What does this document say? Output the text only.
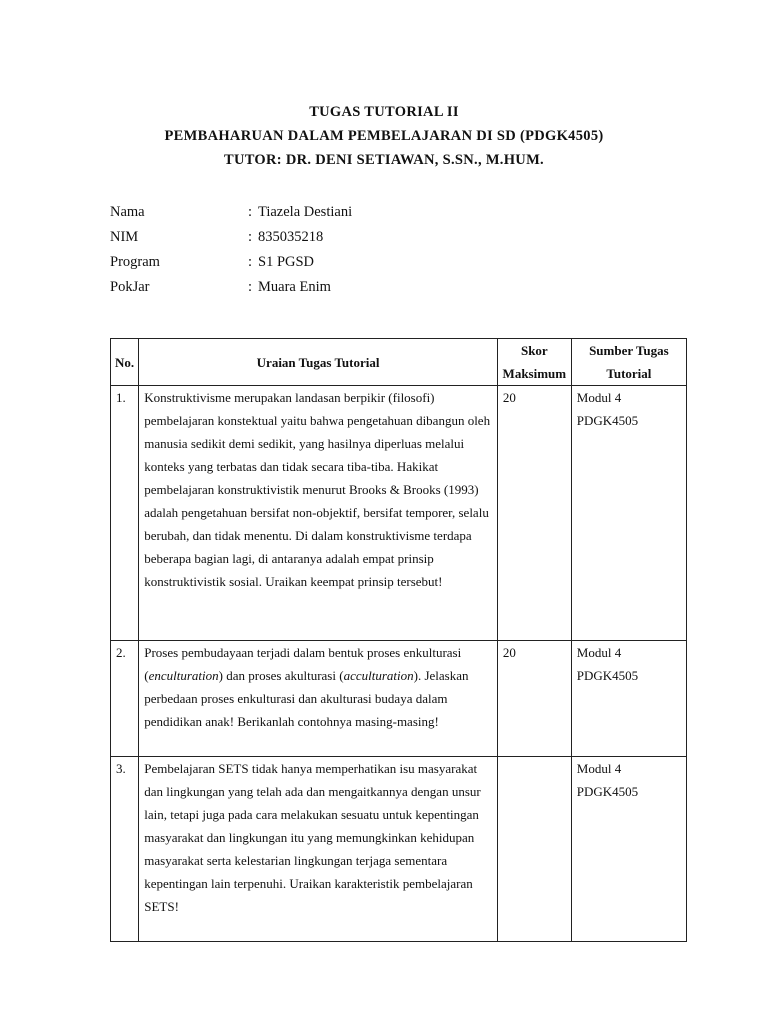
TUGAS TUTORIAL II
PEMBAHARUAN DALAM PEMBELAJARAN DI SD (PDGK4505)
TUTOR: DR. DENI SETIAWAN, S.SN., M.HUM.
Nama	: Tiazela Destiani
NIM	: 835035218
Program	: S1 PGSD
PokJar	: Muara Enim
No.	Uraian Tugas Tutorial	Skor Maksimum	Sumber Tugas Tutorial
1.	Konstruktivisme merupakan landasan berpikir (filosofi) pembelajaran konstektual yaitu bahwa pengetahuan dibangun oleh manusia sedikit demi sedikit, yang hasilnya diperluas melalui konteks yang terbatas dan tidak secara tiba-tiba. Hakikat pembelajaran konstruktivistik menurut Brooks & Brooks (1993) adalah pengetahuan bersifat non-objektif, bersifat temporer, selalu berubah, dan tidak menentu. Di dalam konstruktivisme terdapa beberapa bagian lagi, di antaranya adalah empat prinsip konstruktivistik sosial. Uraikan keempat prinsip tersebut!	20	Modul 4 PDGK4505
2.	Proses pembudayaan terjadi dalam bentuk proses enkulturasi (enculturation) dan proses akulturasi (acculturation). Jelaskan perbedaan proses enkulturasi dan akulturasi budaya dalam pendidikan anak! Berikanlah contohnya masing-masing!	20	Modul 4 PDGK4505
3.	Pembelajaran SETS tidak hanya memperhatikan isu masyarakat dan lingkungan yang telah ada dan mengaitkannya dengan unsur lain, tetapi juga pada cara melakukan sesuatu untuk kepentingan masyarakat dan lingkungan itu yang memungkinkan kehidupan masyarakat serta kelestarian lingkungan terjaga sementara kepentingan lain terpenuhi. Uraikan karakteristik pembelajaran SETS!		Modul 4 PDGK4505
